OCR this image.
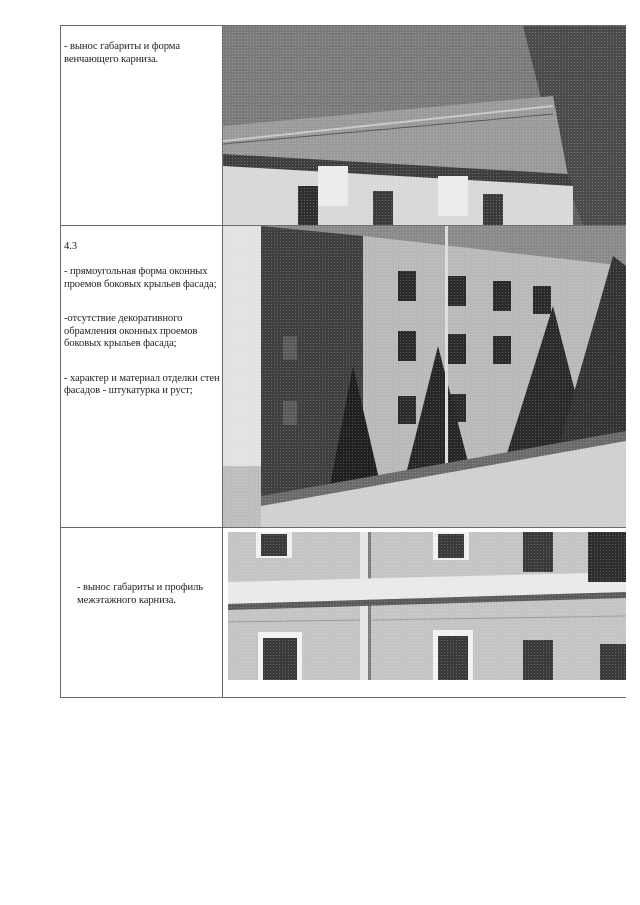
- вынос габариты и форма венчающего карниза.

4.3

- прямоугольная форма оконных проемов боковых крыльев фасада;

-отсутствие декоративного обрамления оконных проемов боковых крыльев фасада;

- характер и материал отделки стен фасадов - штукатурка и руст;

- вынос габариты и профиль межэтажного карниза.
